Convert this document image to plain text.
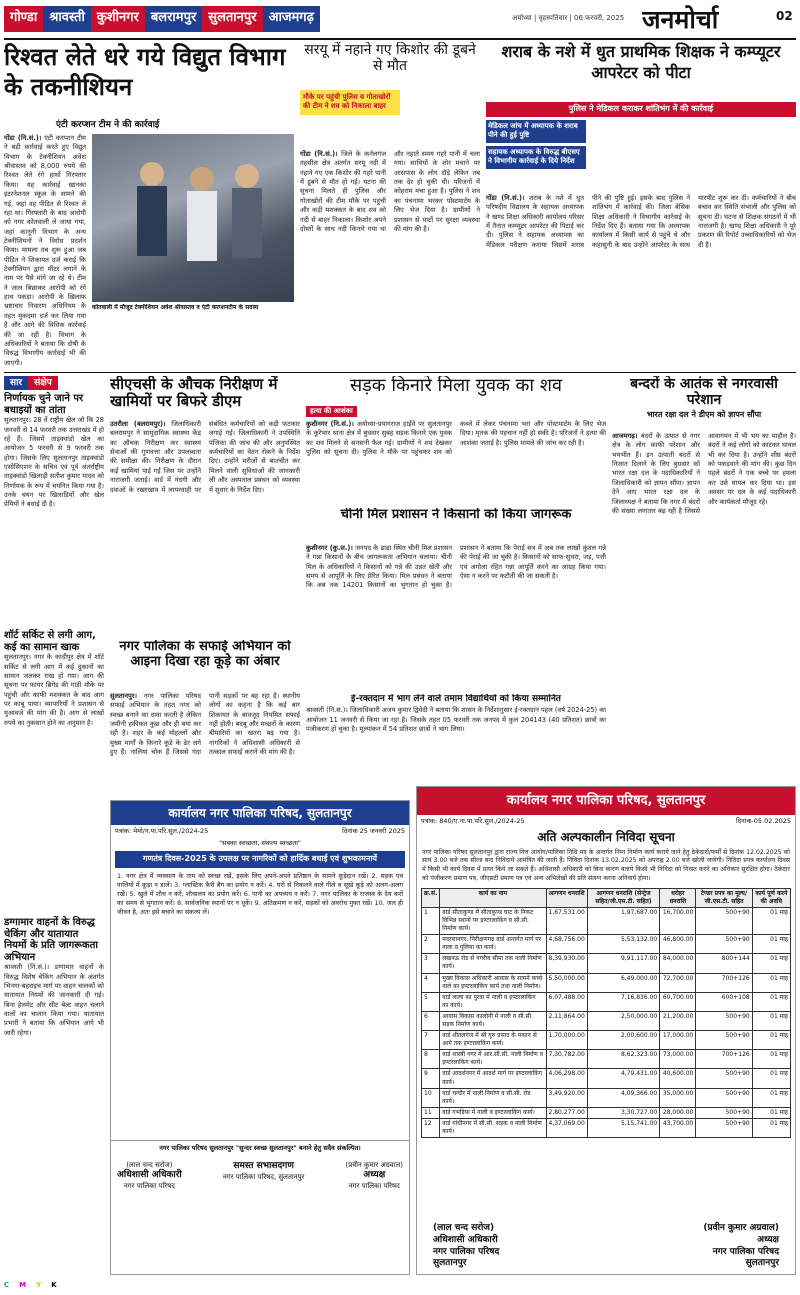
गोण्डा श्रावस्ती कुशीनगर बलरामपुर सुलतानपुर आजमगढ़	अयोध्या | वृहस्पतिवार | 06 फरवरी, 2025 जनमोर्चा	02
रिश्वत लेते धरे गये विद्युत विभाग के तकनीशियन
एंटी करप्शन टीम ने की कार्रवाई
गोंडा (नि.सं.)। एंटी करप्शन टीम ने बड़ी कार्रवाई करते हुए विद्युत विभाग के टेक्नीशियन अवेश श्रीवास्तव को 8,000 रुपये की रिश्वत लेते रंगे हाथों गिरफ्तार किया। यह कार्रवाई खानका इंटरनेशनल स्कूल के सामने की गई, जहां वह पीड़ित से रिश्वत ले रहा था। गिरफ्तारी के बाद आरोपी को नगर कोतवाली ले जाया गया, जहां कानूनी विभाग के अन्य टेक्नीशियनों ने विरोध प्रदर्शन किया। मामला तब शुरू हुआ जब पीड़ित ने शिकायत दर्ज कराई कि टेक्नीशियन द्वारा मीटर लगाने के नाम पर पैसे मांगे जा रहे थे। टीम ने जाल बिछाकर आरोपी को रंगे हाथ पकड़ा। आरोपी के खिलाफ भ्रष्टाचार निवारण अधिनियम के तहत मुकदमा दर्ज कर लिया गया है और आगे की विधिक कार्रवाई की जा रही है। विभाग के अधिकारियों ने बताया कि दोषी के विरुद्ध विभागीय कार्रवाई भी की जाएगी।
कोतवाली में मौजूद टेक्नीशियन अवेश श्रीवास्तव व एंटी करप्शनटीम के सदस्य
सरयू में नहाने गए किशोर की डूबने से मौत
मौके पर पहुंची पुलिस व गोताखोरों की टीम ने शव को निकाला बाहर
गोंडा (नि.सं.)। जिले के कर्नलगंज तहसील क्षेत्र अंतर्गत सरयू नदी में नहाने गए एक किशोर की गहरे पानी में डूबने से मौत हो गई। घटना की सूचना मिलते ही पुलिस और गोताखोरों की टीम मौके पर पहुंची और कड़ी मशक्कत के बाद शव को नदी से बाहर निकाला। किशोर अपने दोस्तों के साथ नदी किनारे गया था और नहाते समय गहरे पानी में चला गया। साथियों के शोर मचाने पर आसपास के लोग दौड़े लेकिन तब तक देर हो चुकी थी। परिजनों में कोहराम मचा हुआ है। पुलिस ने शव का पंचनामा भरकर पोस्टमार्टम के लिए भेज दिया है। ग्रामीणों ने प्रशासन से घाटों पर सुरक्षा व्यवस्था की मांग की है।
शराब के नशे में धुत प्राथमिक शिक्षक ने कम्प्यूटर आपरेटर को पीटा
पुलिस ने मेडिकल कराकर शांतिभंग में की कार्रवाई
मेडिकल जांच में अध्यापक के शराब पीने की हुई पुष्टि
सहायक अध्यापक के विरुद्ध बीएसए ने विभागीय कार्रवाई के दिये निर्देश
गोंडा (नि.सं.)। शराब के नशे में धुत परिषदीय विद्यालय के सहायक अध्यापक ने खण्ड शिक्षा अधिकारी कार्यालय परिसर में तैनात कम्प्यूटर आपरेटर की पिटाई कर दी। पुलिस ने सहायक अध्यापक का मेडिकल परीक्षण कराया जिसमें शराब पीने की पुष्टि हुई। इसके बाद पुलिस ने शांतिभंग में कार्रवाई की। जिला बेसिक शिक्षा अधिकारी ने विभागीय कार्रवाई के निर्देश दिए हैं। बताया गया कि अध्यापक कार्यालय में किसी कार्य से पहुंचे थे और कहासुनी के बाद उन्होंने आपरेटर के साथ मारपीट शुरू कर दी। कर्मचारियों ने बीच बचाव कर स्थिति संभाली और पुलिस को सूचना दी। घटना से शिक्षक संगठनों में भी नाराजगी है। खण्ड शिक्षा अधिकारी ने पूरे प्रकरण की रिपोर्ट उच्चाधिकारियों को भेज दी है।
सार	संक्षेप
निर्णायक चुने जाने पर बधाइयों का तांता
सुलतानपुर। 28 वें राष्ट्रीय खेल जो कि 28 जनवरी से 14 फरवरी तक उत्तराखंड में हो रहे हैं। जिसमें ताइक्वांडो खेल का आयोजन 5 फरवरी से 9 फरवरी तक होगा। जिसके लिए सुलतानपुर ताइक्वांडो एसोसिएशन के सचिव एवं पूर्व अंतर्राष्ट्रीय ताइक्वांडो खिलाड़ी सतीश कुमार यादव को निर्णायक के रूप में चयनित किया गया है। उनके चयन पर खिलाड़ियों और खेल प्रेमियों ने बधाई दी है।
शॉर्ट सर्किट से लगी आग, कई का सामान खाक
सुलतानपुर। नगर के कादीपुर क्षेत्र में शॉर्ट सर्किट से लगी आग में कई दुकानों का सामान जलकर राख हो गया। आग की सूचना पर फायर ब्रिगेड की गाड़ी मौके पर पहुंची और काफी मशक्कत के बाद आग पर काबू पाया। व्यापारियों ने प्रशासन से मुआवजे की मांग की है। आग से लाखों रुपये का नुकसान होने का अनुमान है।
डग्गामार वाहनों के विरुद्ध चेकिंग और यातायात नियमों के प्रति जागरूकता अभियान
श्रावस्ती (नि.सं.)। डग्गामार वाहनों के विरुद्ध विशेष चेकिंग अभियान के अंतर्गत भिनगा-बहराइच मार्ग पर वाहन चालकों को यातायात नियमों की जानकारी दी गई। बिना हेलमेट और सीट बेल्ट वाहन चलाने वालों का चालान किया गया। यातायात प्रभारी ने बताया कि अभियान आगे भी जारी रहेगा।
सीएचसी के औचक निरीक्षण में खामियों पर बिफरे डीएम
उतरौला (बलरामपुर)। जिलाधिकारी बलरामपुर ने सामुदायिक स्वास्थ्य केंद्र का औचक निरीक्षण कर स्वास्थ्य सेवाओं की गुणवत्ता और उपलब्धता की समीक्षा की। निरीक्षण के दौरान कई खामियां पाई गईं जिस पर उन्होंने नाराजगी जताई। वार्ड में गंदगी और दवाओं के रखरखाव में लापरवाही पर संबंधित कर्मचारियों को कड़ी फटकार लगाई गई। जिलाधिकारी ने उपस्थिति पंजिका की जांच की और अनुपस्थित कर्मचारियों का वेतन रोकने के निर्देश दिए। उन्होंने मरीजों से बातचीत कर मिलने वाली सुविधाओं की जानकारी ली और अस्पताल प्रबंधन को व्यवस्था में सुधार के निर्देश दिए।
सड़क किनारे मिला युवक का शव
हत्या की आशंका
कुशीनगर (नि.सं.)। अयोध्या-प्रयागराज हाईवे पर सुलतानपुर के कूरेभार थाना क्षेत्र में बुधवार सुबह सड़क किनारे एक युवक का शव मिलने से सनसनी फैल गई। ग्रामीणों ने शव देखकर पुलिस को सूचना दी। पुलिस ने मौके पर पहुंचकर शव को कब्जे में लेकर पंचनामा भरा और पोस्टमार्टम के लिए भेज दिया। मृतक की पहचान नहीं हो सकी है। परिजनों ने हत्या की आशंका जताई है। पुलिस मामले की जांच कर रही है।
चीनी मिल प्रशासन ने किसानों को किया जागरूक
कुशीनगर (कु.स.)। जनपद के ढाढ़ा स्थित चीनी मिल प्रशासन ने गन्ना किसानों के बीच जागरूकता अभियान चलाया। चीनी मिल के अधिकारियों ने किसानों को गन्ने की उन्नत खेती और समय से आपूर्ति के लिए प्रेरित किया। मिल प्रबंधन ने बताया कि अब तक 14201 किसानों का भुगतान हो चुका है। प्रशासन ने बताया कि पेराई सत्र में अब तक लाखों कुंतल गन्ने की पेराई की जा चुकी है। किसानों को साफ-सुथरा, जड़, पत्ती एवं अगोला रहित गन्ना आपूर्ति करने का आग्रह किया गया। ऐसा न करने पर कटौती की जा सकती है।
बन्दरों के आतंक से नगरवासी परेशान
भारत रक्षा दल ने डीएम को ज्ञापन सौंपा
आजमगढ़। बंदरों के उत्पात से नगर क्षेत्र के लोग काफी परेशान और भयभीत हैं। इन उत्पाती बंदरों से निजात दिलाने के लिए बुधवार को भारत रक्षा दल के पदाधिकारियों ने जिलाधिकारी को ज्ञापन सौंपा। ज्ञापन देने आए भारत रक्षा दल के जिलाध्यक्ष ने बताया कि नगर में बंदरों की संख्या लगातार बढ़ रही है जिससे आवागमन में भी भय का माहौल है। बंदरों ने कई लोगों को काटकर घायल भी कर दिया है। उन्होंने शीघ्र बंदरों को पकड़वाने की मांग की। कुछ दिन पहले बंदरों ने एक बच्चे पर हमला कर उसे घायल कर दिया था। इस अवसर पर दल के कई पदाधिकारी और कार्यकर्ता मौजूद रहे।
नगर पालिका के सफाई अभियान को आइना दिखा रहा कूड़े का अंबार
सुलतानपुर। नगर पालिका परिषद सफाई अभियान के तहत नगर को स्वच्छ बनाने का दावा करती है लेकिन जमीनी हकीकत कुछ और ही बयां कर रही है। शहर के कई मोहल्लों और मुख्य मार्गों के किनारे कूड़े के ढेर लगे हुए हैं। नालियां चोक हैं जिससे गंदा पानी सड़कों पर बह रहा है। स्थानीय लोगों का कहना है कि कई बार शिकायत के बावजूद नियमित सफाई नहीं होती। बदबू और मच्छरों के कारण बीमारियों का खतरा बढ़ गया है। नागरिकों ने अधिशासी अधिकारी से तत्काल सफाई कराने की मांग की है।
ई-रक्तदान में भाग लेने वाले तमाम विद्यार्थियों को किया सम्मानित
श्रावस्ती (नि.सं.)। जिलाधिकारी अजय कुमार द्विवेदी ने बताया कि शासन के निर्देशानुसार ई-रक्तदान पहल (वर्ष 2024-25) का आयोजन 11 जनवरी से किया जा रहा है। जिसके तहत 05 फरवरी तक जनपद में कुल 204143 (40 प्रतिशत) छात्रों का पंजीकरण हो चुका है। मूल्यांकन में 54 प्रतिशत छात्रों ने भाग लिया।
कार्यालय नगर पालिका परिषद, सुलतानपुर
पत्रांक: मेमो/न.पा.परि.सुल./2024-25	दिनांक 25 जनवरी 2025
"सबका स्वच्छता, संकल्प स्वच्छता"
गणतंत्र दिवस-2025 के उपलक्ष पर नागरिकों को हार्दिक बधाई एवं शुभकामनायें
1. नगर क्षेत्र में व्यवसाय के ताम को स्वच्छ रखें, इसके लिए अपने-अपने प्रतिष्ठान के सामने कूड़ेदान रखें। 2. सड़क एवं नालियों में कूड़ा न डालें। 3. प्लास्टिक कैरी बैग का प्रयोग न करें। 4. घरों से निकलने वाले गीले व सूखे कूड़े को अलग-अलग रखें। 5. खुले में शौच न करें, शौचालय का प्रयोग करें। 6. पानी का अपव्यय न करें। 7. नगर पालिका के राजस्व के देय करों का समय से भुगतान करें। 8. सार्वजनिक स्थानों पर न थूकें। 9. अतिक्रमण न करें, सड़कों को अवरोध मुक्त रखें। 10. जल ही जीवन है, अतः इसे बचाने का संकल्प लें।
नगर पालिका परिषद सुलतानपुर "सुन्दर स्वच्छ सुलतानपुर" बनाने हेतु सदैव संकल्पित।
(लाल चन्द सरोज)
अधिशासी अधिकारी
नगर पालिका परिषद
समस्त सभासदगण
नगर पालिका परिषद, सुलतानपुर
(प्रवीन कुमार अग्रवाल)
अध्यक्ष
नगर पालिका परिषद
कार्यालय नगर पालिका परिषद, सुलतानपुर
पत्रांक: 840/ए.ना.पा.परि.सुल./2024-25	दिनांक-05.02.2025
अति अल्पकालीन निविदा सूचना
नगर पालिका परिषद सुलतानपुर द्वारा राज्य वित्त आयोग/पालिका निधि मद के अन्तर्गत निम्न निर्माण कार्य कराये जाने हेतु ठेकेदारों/फर्मों से दिनांक 12.02.2025 को सायं 3.00 बजे तक सील्ड बन्द निविदायें आमंत्रित की जाती हैं। निविदा दिनांक 13.02.2025 को अपराह्न 2.00 बजे खोली जायेगी। निविदा प्रपत्र कार्यालय दिवस में किसी भी कार्य दिवस में प्राप्त किये जा सकते हैं। अधिशासी अधिकारी को बिना कारण बताये किसी भी निविदा को निरस्त करने का अधिकार सुरक्षित होगा। ठेकेदार को पंजीकरण प्रमाण पत्र, जीएसटी प्रमाण पत्र एवं अन्य अभिलेखों की प्रति संलग्न करना अनिवार्य होगा।
क्र.सं.	कार्य का नाम	आगणन धनराशि	आगणन धनराशि (सेन्ट्रेज सहित/जी.एस.टी. सहित)	धरोहर धनराशि	टेण्डर प्रपत्र का मूल्य/जी.एस.टी. सहित	कार्य पूर्ण करने की अवधि
1	वार्ड सीताकुण्ड में सीताकुण्ड घाट के निकट विभिन्न स्थानों पर इण्टरलाकिंग व सी.सी. निर्माण कार्य।	1,67,531.00	1,97,687.00	16,700.00	500+90	01 माह
2	मदरसानगर, निरीक्षणगढ़ वार्ड अन्तर्गत मार्ग पर नाला व पुलिया का कार्य।	4,68,756.00	5,53,132.00	46,800.00	500+90	01 माह
3	लखनऊ रोड से नगरीय सीमा तक नाली निर्माण कार्य।	8,39,930.00	9,91,117.00	84,000.00	800+144	01 माह
4	मुख्य विकास अधिकारी आवास के सामने कच्चे नाले का इण्टरलाकिंग कार्य तथा नाली निर्माण।	5,50,000.00	6,49,000.00	72,700.00	700+126	01 माह
5	वार्ड लाला का पुरवा में नाली व इण्टरलाकिंग का कार्य।	6,07,488.00	7,16,836.00	60,700.00	600+108	01 माह
6	आवास विकास कालोनी में नाली व सी.सी. सड़क निर्माण कार्य।	2,11,864.00	2,50,000.00	21,200.00	500+90	01 माह
7	वार्ड शीतलगंज में श्री गुरु प्रसाद के मकान से आगे तक इण्टरलाकिंग कार्य।	1,70,000.00	2,00,600.00	17,000.00	500+90	01 माह
8	वार्ड शास्त्री नगर में आर.सी.सी. नाली निर्माण व इण्टरलाकिंग कार्य।	7,30,782.00	8,62,323.00	73,000.00	700+126	01 माह
9	वार्ड आदर्शनगर में आदर्श मार्ग पर इण्टरलाकिंग कार्य।	4,06,298.00	4,79,431.00	40,600.00	500+90	01 माह
10	वार्ड चन्दौर में नाली निर्माण व सी.सी. रोड कार्य।	3,49,920.00	4,09,366.00	35,000.00	500+90	01 माह
11	वार्ड गभड़िया में नाली व इण्टरलाकिंग कार्य।	2,80,277.00	3,30,727.00	28,000.00	500+90	01 माह
12	वार्ड गांधीनगर में सी.सी. सड़क व नाली निर्माण कार्य।	4,37,069.00	5,15,741.00	43,700.00	500+90	01 माह
(लाल चन्द सरोज)
अधिशासी अधिकारी
नगर पालिका परिषद
सुलतानपुर
(प्रवीन कुमार अग्रवाल)
अध्यक्ष
नगर पालिका परिषद
सुलतानपुर
C M Y K
